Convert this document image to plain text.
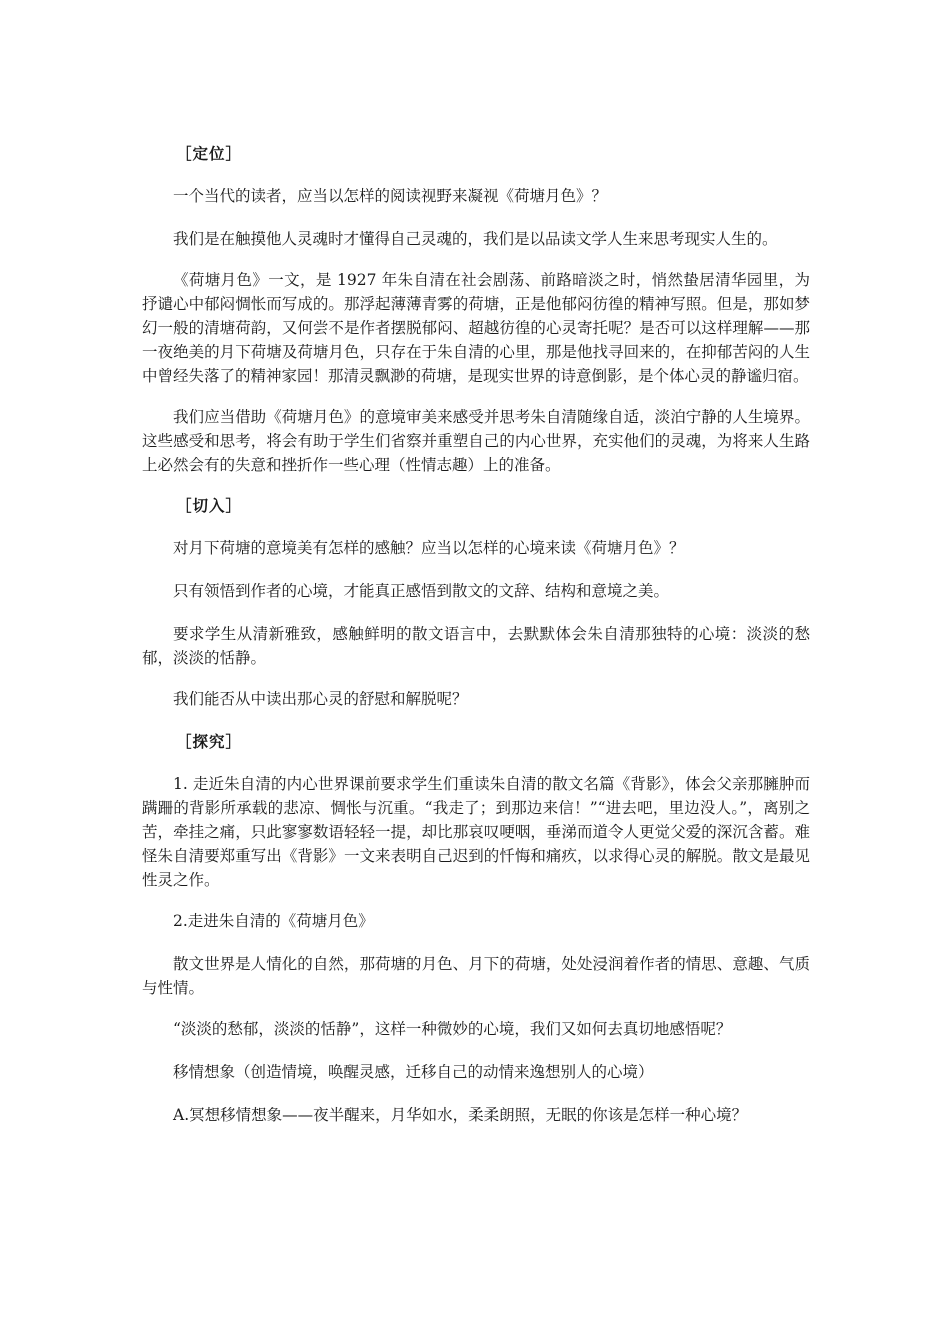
［定位］

一个当代的读者，应当以怎样的阅读视野来凝视《荷塘月色》？

我们是在触摸他人灵魂时才懂得自己灵魂的，我们是以品读文学人生来思考现实人生的。

《荷塘月色》一文，是 1927 年朱自清在社会剧荡、前路暗淡之时，悄然蛰居清华园里，为抒谴心中郁闷惆怅而写成的。那浮起薄薄青雾的荷塘，正是他郁闷彷徨的精神写照。但是，那如梦幻一般的清塘荷韵，又何尝不是作者摆脱郁闷、超越彷徨的心灵寄托呢？是否可以这样理解——那一夜绝美的月下荷塘及荷塘月色，只存在于朱自清的心里，那是他找寻回来的，在抑郁苦闷的人生中曾经失落了的精神家园！那清灵飘渺的荷塘，是现实世界的诗意倒影，是个体心灵的静谧归宿。

我们应当借助《荷塘月色》的意境审美来感受并思考朱自清随缘自适，淡泊宁静的人生境界。这些感受和思考，将会有助于学生们省察并重塑自己的内心世界，充实他们的灵魂，为将来人生路上必然会有的失意和挫折作一些心理（性情志趣）上的准备。

［切入］

对月下荷塘的意境美有怎样的感触？应当以怎样的心境来读《荷塘月色》？

只有领悟到作者的心境，才能真正感悟到散文的文辞、结构和意境之美。

要求学生从清新雅致，感触鲜明的散文语言中，去默默体会朱自清那独特的心境：淡淡的愁郁，淡淡的恬静。

我们能否从中读出那心灵的舒慰和解脱呢？

［探究］

1. 走近朱自清的内心世界课前要求学生们重读朱自清的散文名篇《背影》，体会父亲那臃肿而蹒跚的背影所承载的悲凉、惆怅与沉重。“我走了；到那边来信！”“进去吧，里边没人。”，离别之苦，牵挂之痛，只此寥寥数语轻轻一提，却比那哀叹哽咽，垂涕而道令人更觉父爱的深沉含蓄。难怪朱自清要郑重写出《背影》一文来表明自己迟到的忏悔和痛疚，以求得心灵的解脱。散文是最见性灵之作。

2.走进朱自清的《荷塘月色》

散文世界是人情化的自然，那荷塘的月色、月下的荷塘，处处浸润着作者的情思、意趣、气质与性情。

“淡淡的愁郁，淡淡的恬静”，这样一种微妙的心境，我们又如何去真切地感悟呢？

移情想象（创造情境，唤醒灵感，迁移自己的动情来逸想别人的心境）

A.冥想移情想象——夜半醒来，月华如水，柔柔朗照，无眠的你该是怎样一种心境？
